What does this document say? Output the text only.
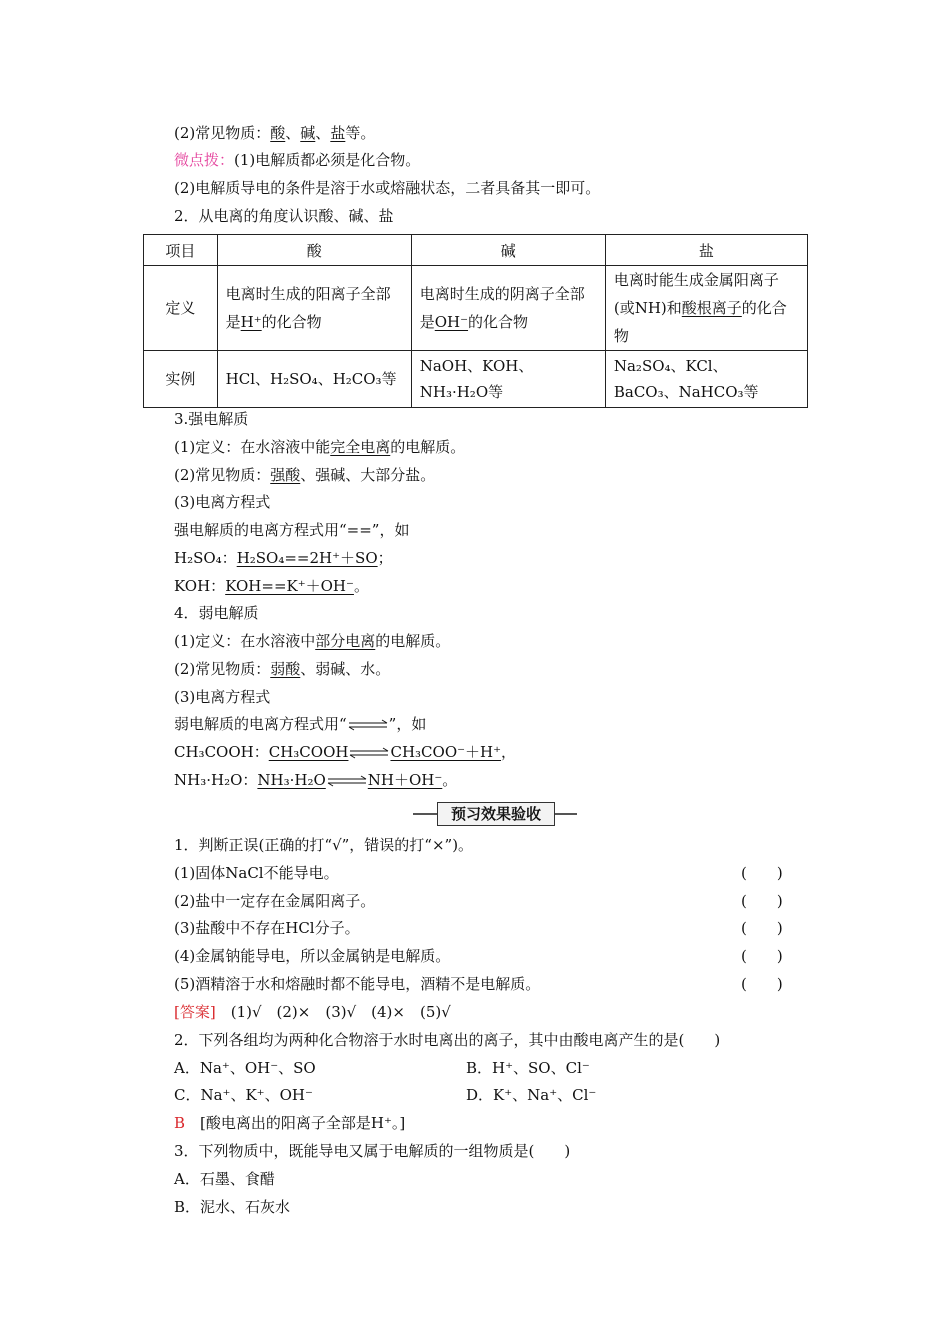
(2)常见物质：酸、碱、盐等。
微点拨：(1)电解质都必须是化合物。
(2)电解质导电的条件是溶于水或熔融状态，二者具备其一即可。
2．从电离的角度认识酸、碱、盐
项目	酸	碱	盐
定义	电离时生成的阳离子全部是H⁺的化合物	电离时生成的阴离子全部是OH⁻的化合物	电离时能生成金属阳离子(或NH)和酸根离子的化合物
实例	HCl、H₂SO₄、H₂CO₃等	NaOH、KOH、NH₃·H₂O等	Na₂SO₄、KCl、
BaCO₃、NaHCO₃等
3.强电解质
(1)定义：在水溶液中能完全电离的电解质。
(2)常见物质：强酸、强碱、大部分盐。
(3)电离方程式
强电解质的电离方程式用“==”，如
H₂SO₄：H₂SO₄==2H⁺＋SO；
KOH：KOH==K⁺＋OH⁻。
4．弱电解质
(1)定义：在水溶液中部分电离的电解质。
(2)常见物质：弱酸、弱碱、水。
(3)电离方程式
弱电解质的电离方程式用“⇌”，如
CH₃COOH：CH₃COOH⇌CH₃COO⁻＋H⁺，
NH₃·H₂O：NH₃·H₂O⇌NH＋OH⁻。
预习效果验收
1．判断正误(正确的打“√”，错误的打“×”)。
(1)固体NaCl不能导电。	(　　)
(2)盐中一定存在金属阳离子。	(　　)
(3)盐酸中不存在HCl分子。	(　　)
(4)金属钠能导电，所以金属钠是电解质。	(　　)
(5)酒精溶于水和熔融时都不能导电，酒精不是电解质。	(　　)
[答案]　 (1)√　(2)×　(3)√　(4)×　(5)√
2．下列各组均为两种化合物溶于水时电离出的离子，其中由酸电离产生的是(　　)
A．Na⁺、OH⁻、SO	B．H⁺、SO、Cl⁻
C．Na⁺、K⁺、OH⁻	D．K⁺、Na⁺、Cl⁻
B　 [酸电离出的阳离子全部是H⁺。]
3．下列物质中，既能导电又属于电解质的一组物质是(　　)
A．石墨、食醋
B．泥水、石灰水
